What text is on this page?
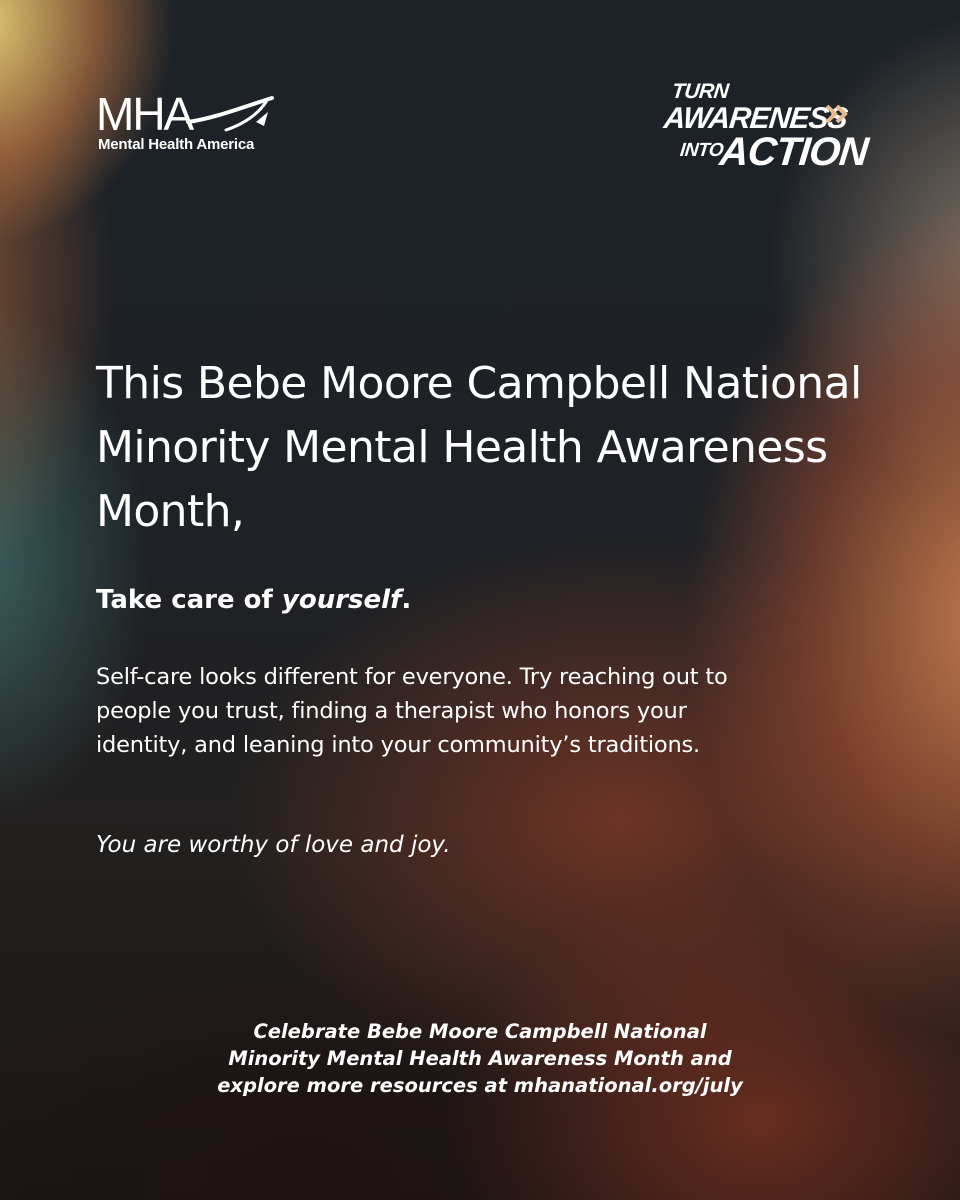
MHA
Mental Health America
TURN
AWARENESS
INTO
ACTION
This Bebe Moore Campbell National Minority Mental Health Awareness Month,

Take care of yourself.

Self-care looks different for everyone. Try reaching out to people you trust, finding a therapist who honors your identity, and leaning into your community’s traditions.

You are worthy of love and joy.

Celebrate Bebe Moore Campbell National
Minority Mental Health Awareness Month and
explore more resources at mhanational.org/july
